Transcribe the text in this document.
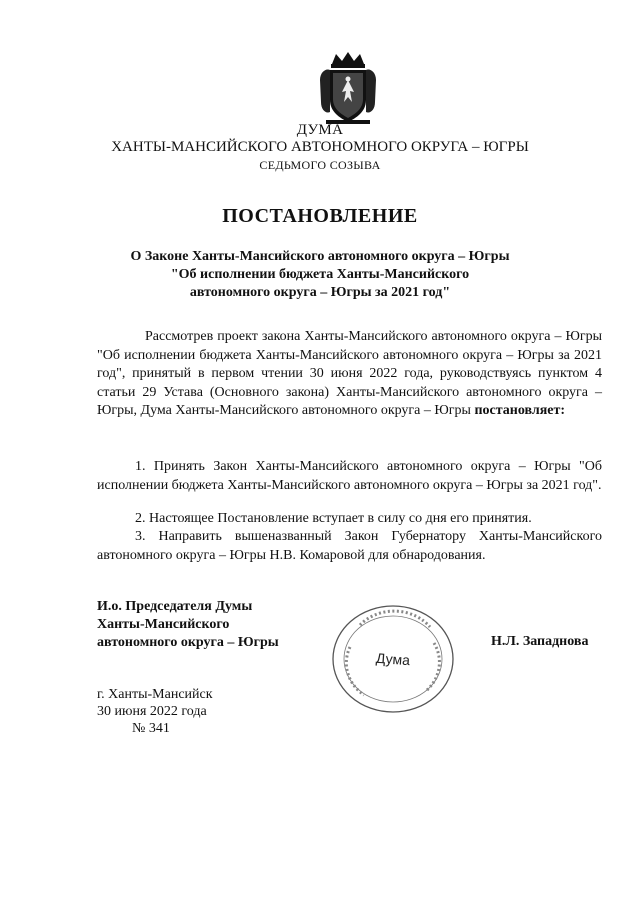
ДУМА
ХАНТЫ-МАНСИЙСКОГО АВТОНОМНОГО ОКРУГА – ЮГРЫ
СЕДЬМОГО СОЗЫВА
ПОСТАНОВЛЕНИЕ
О Законе Ханты-Мансийского автономного округа – Югры
"Об исполнении бюджета Ханты-Мансийского
автономного округа – Югры за 2021 год"
Рассмотрев проект закона Ханты-Мансийского автономного округа – Югры "Об исполнении бюджета Ханты-Мансийского автономного округа – Югры за 2021 год", принятый в первом чтении 30 июня 2022 года, руководствуясь пунктом 4 статьи 29 Устава (Основного закона) Ханты-Мансийского автономного округа – Югры, Дума Ханты-Мансийского автономного округа – Югры постановляет:
1. Принять Закон Ханты-Мансийского автономного округа – Югры "Об исполнении бюджета Ханты-Мансийского автономного округа – Югры за 2021 год".
2. Настоящее Постановление вступает в силу со дня его принятия.
3. Направить вышеназванный Закон Губернатору Ханты-Мансийского автономного округа – Югры Н.В. Комаровой для обнародования.
И.о. Председателя Думы
Ханты-Мансийского
автономного округа – Югры
Дума
Н.Л. Западнова
г. Ханты-Мансийск
30 июня 2022 года
№ 341
